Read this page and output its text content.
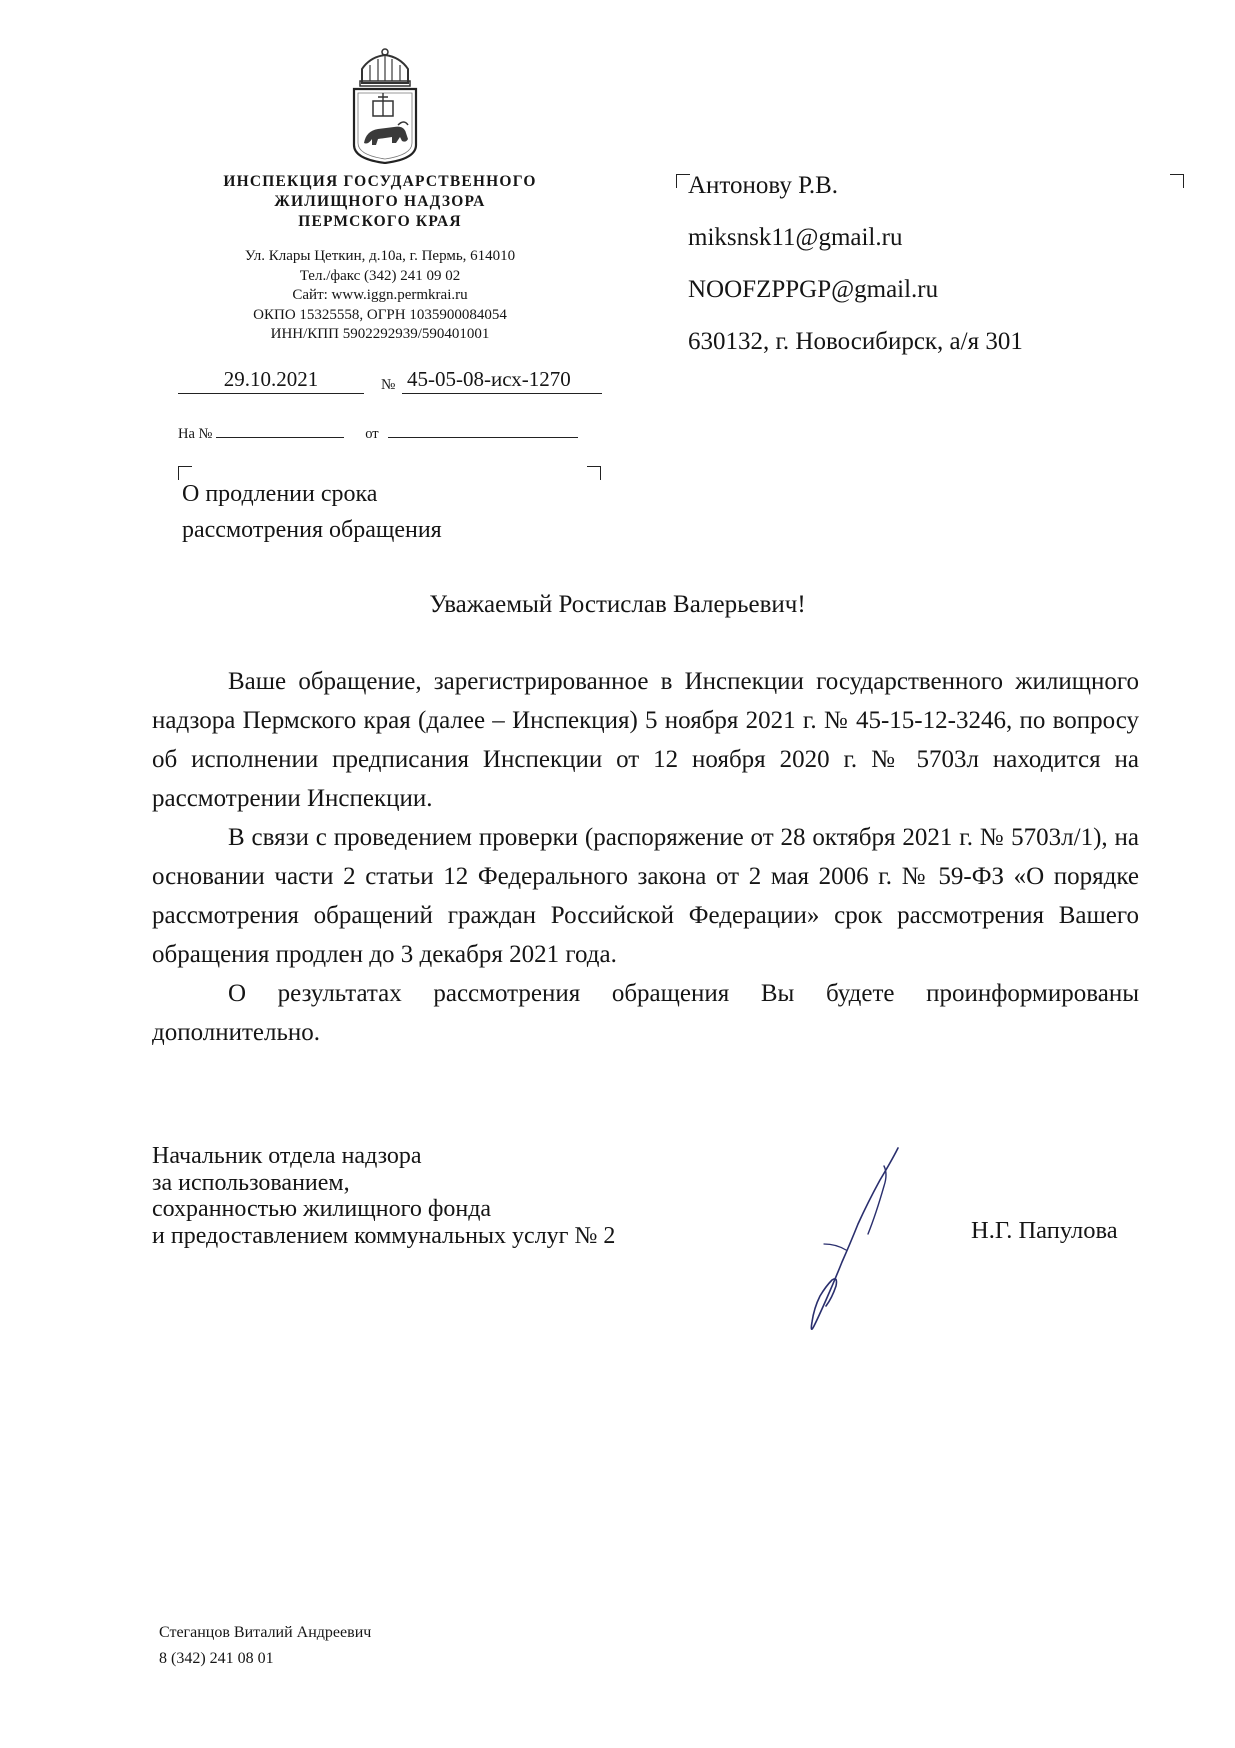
ИНСПЕКЦИЯ ГОСУДАРСТВЕННОГО
ЖИЛИЩНОГО НАДЗОРА
ПЕРМСКОГО КРАЯ
Ул. Клары Цеткин, д.10а, г. Пермь, 614010
Тел./факс (342) 241 09 02
Сайт: www.iggn.permkrai.ru
ОКПО 15325558, ОГРН 1035900084054
ИНН/КПП 5902292939/590401001
29.10.2021	№ 45-05-08-исх-1270
На №	от
О продлении срока
рассмотрения обращения
Антонову Р.В.
miksnsk11@gmail.ru
NOOFZPPGP@gmail.ru
630132, г. Новосибирск, а/я 301
Уважаемый Ростислав Валерьевич!

Ваше обращение, зарегистрированное в Инспекции государственного жилищного надзора Пермского края (далее – Инспекция) 5 ноября 2021 г. № 45-15-12-3246, по вопросу об исполнении предписания Инспекции от 12 ноября 2020 г. № 5703л находится на рассмотрении Инспекции.

В связи с проведением проверки (распоряжение от 28 октября 2021 г. № 5703л/1), на основании части 2 статьи 12 Федерального закона от 2 мая 2006 г. № 59-ФЗ «О порядке рассмотрения обращений граждан Российской Федерации» срок рассмотрения Вашего обращения продлен до 3 декабря 2021 года.

О результатах рассмотрения обращения Вы будете проинформированы дополнительно.

Начальник отдела надзора
за использованием,
сохранностью жилищного фонда
и предоставлением коммунальных услуг № 2	Н.Г. Папулова
Стеганцов Виталий Андреевич
8 (342) 241 08 01
